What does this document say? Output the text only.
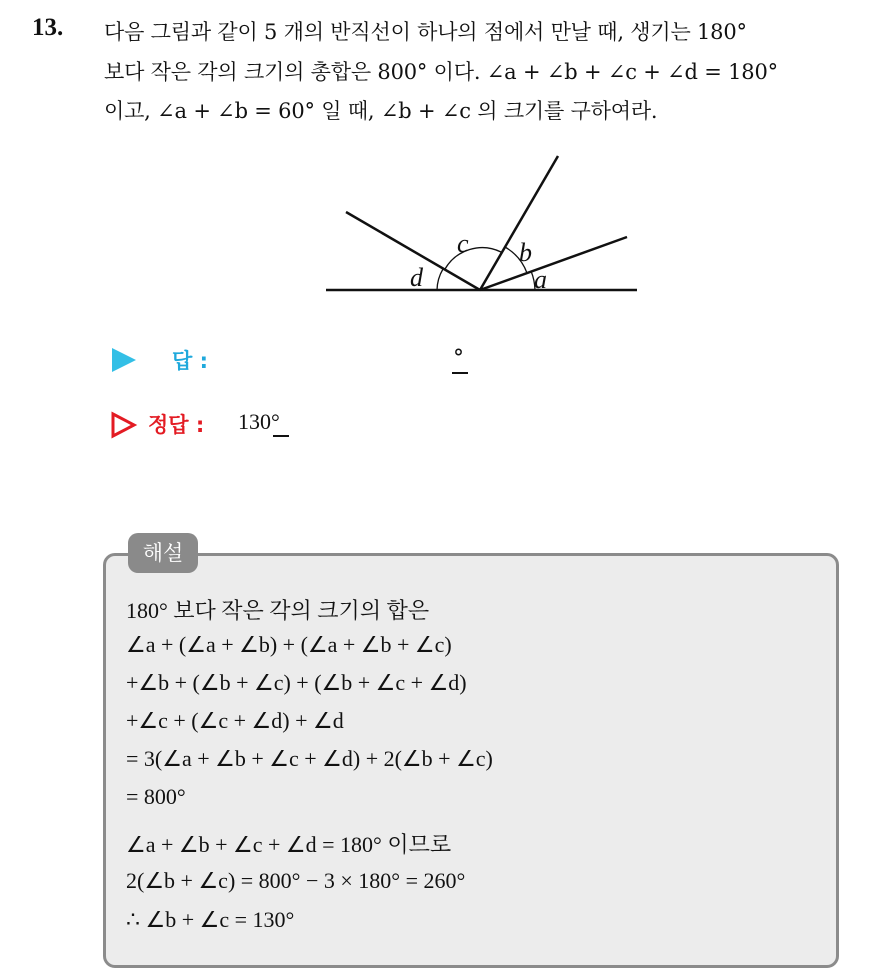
13. 다음 그림과 같이 5 개의 반직선이 하나의 점에서 만날 때, 생기는 180°
보다 작은 각의 크기의 총합은 800° 이다. ∠a + ∠b + ∠c + ∠d = 180°
이고, ∠a + ∠b = 60° 일 때, ∠b + ∠c 의 크기를 구하여라.
a
b
c
d
답 :	°
정답 : 130°
해설
180° 보다 작은 각의 크기의 합은
∠a + (∠a + ∠b) + (∠a + ∠b + ∠c)
+∠b + (∠b + ∠c) + (∠b + ∠c + ∠d)
+∠c + (∠c + ∠d) + ∠d
= 3(∠a + ∠b + ∠c + ∠d) + 2(∠b + ∠c)
= 800°
∠a + ∠b + ∠c + ∠d = 180° 이므로
2(∠b + ∠c) = 800° − 3 × 180° = 260°
∴ ∠b + ∠c = 130°
